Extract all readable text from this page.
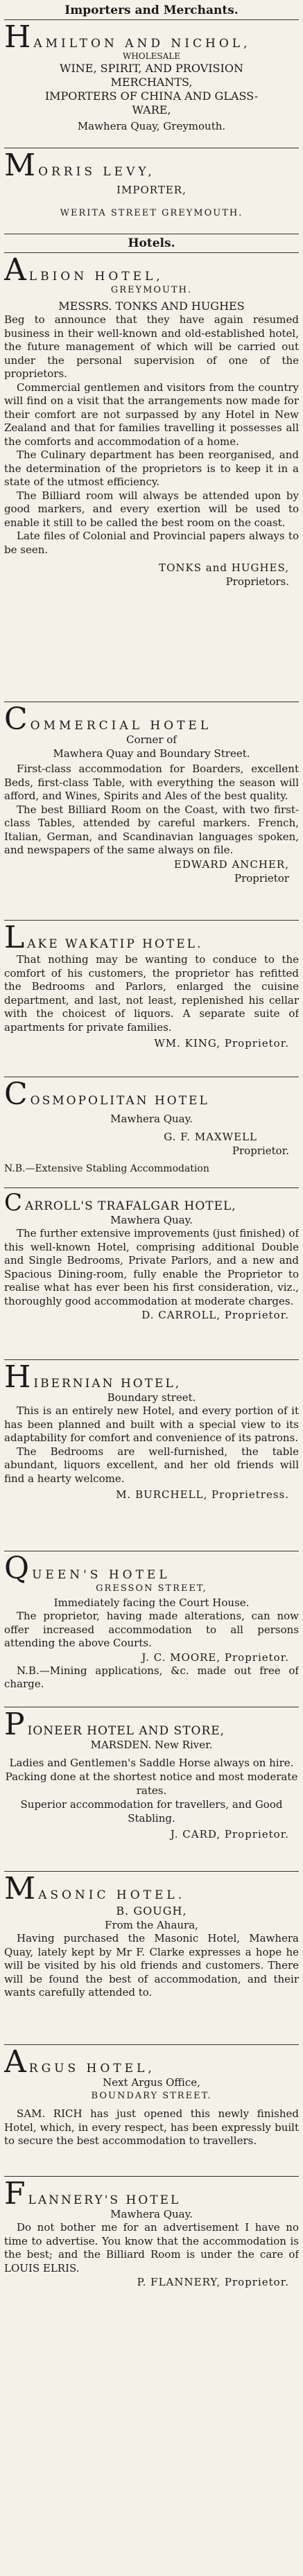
Importers and Merchants.
H AMILTON AND NICHOL,
WHOLESALE
WINE, SPIRIT, AND PROVISION
MERCHANTS,
IMPORTERS OF CHINA AND GLASS-
WARE,
Mawhera Quay, Greymouth.
M ORRIS LEVY,
IMPORTER,
WERITA STREET GREYMOUTH.
Hotels.
A LBION HOTEL,
GREYMOUTH.
MESSRS. TONKS AND HUGHES

Beg to announce that they have again resumed business in their well-known and old-established hotel, the future management of which will be carried out under the personal supervision of one of the proprietors.

Commercial gentlemen and visitors from the country will find on a visit that the arrangements now made for their comfort are not surpassed by any Hotel in New Zealand and that for families travelling it possesses all the comforts and accommodation of a home.

The Culinary department has been reorganised, and the determination of the proprietors is to keep it in a state of the utmost efficiency.

The Billiard room will always be attended upon by good markers, and every exertion will be used to enable it still to be called the best room on the coast.

Late files of Colonial and Provincial papers always to be seen.

TONKS and HUGHES,
Proprietors.
C OMMERCIAL HOTEL
Corner of
Mawhera Quay and Boundary Street.

First-class accommodation for Boarders, excellent Beds, first-class Table, with everything the season will afford, and Wines, Spirits and Ales of the best quality.

The best Billiard Room on the Coast, with two first-class Tables, attended by careful markers. French, Italian, German, and Scandinavian languages spoken, and newspapers of the same always on file.

EDWARD ANCHER,
Proprietor
L AKE WAKATIP HOTEL.

That nothing may be wanting to conduce to the comfort of his customers, the proprietor has refitted the Bedrooms and Parlors, enlarged the cuisine department, and last, not least, replenished his cellar with the choicest of liquors. A separate suite of apartments for private families.

WM. KING, Proprietor.
C OSMOPOLITAN HOTEL
Mawhera Quay.
G. F. MAXWELL
Proprietor.
N.B.—Extensive Stabling Accommodation
C ARROLL'S TRAFALGAR HOTEL,
Mawhera Quay.

The further extensive improvements (just finished) of this well-known Hotel, comprising additional Double and Single Bedrooms, Private Parlors, and a new and Spacious Dining-room, fully enable the Proprietor to realise what has ever been his first consideration, viz., thoroughly good accommodation at moderate charges.

D. CARROLL, Proprietor.
H IBERNIAN HOTEL,
Boundary street.

This is an entirely new Hotel, and every portion of it has been planned and built with a special view to its adaptability for comfort and convenience of its patrons.

The Bedrooms are well-furnished, the table abundant, liquors excellent, and her old friends will find a hearty welcome.

M. BURCHELL, Proprietress.
Q UEEN'S HOTEL
GRESSON STREET,
Immediately facing the Court House.

The proprietor, having made alterations, can now offer increased accommodation to all persons attending the above Courts.

J. C. MOORE, Proprietor.

N.B.—Mining applications, &c. made out free of charge.

P IONEER HOTEL AND STORE,
MARSDEN. New River.
Ladies and Gentlemen's Saddle Horse always on hire.
Packing done at the shortest notice and most moderate rates.
Superior accommodation for travellers, and Good Stabling.
J. CARD, Proprietor.
M ASONIC HOTEL.
B. GOUGH,
From the Ahaura,

Having purchased the Masonic Hotel, Mawhera Quay, lately kept by Mr F. Clarke expresses a hope he will be visited by his old friends and customers. There will be found the best of accommodation, and their wants carefully attended to.

A RGUS HOTEL,
Next Argus Office,
BOUNDARY STREET.

SAM. RICH has just opened this newly finished Hotel, which, in every respect, has been expressly built to secure the best accommodation to travellers.

F LANNERY'S HOTEL
Mawhera Quay.

Do not bother me for an advertisement I have no time to advertise. You know that the accommodation is the best; and the Billiard Room is under the care of LOUIS ELRIS.

P. FLANNERY, Proprietor.
